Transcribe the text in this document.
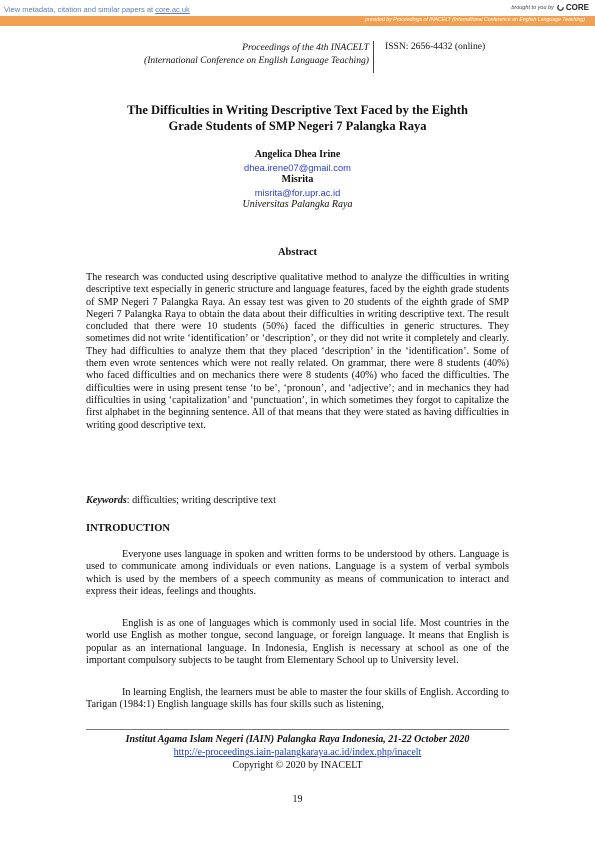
View metadata, citation and similar papers at core.ac.uk	brought to you by CORE
provided by Proceedings of INACELT (International Conference on English Language Teaching)
Proceedings of the 4th INACELT
(International Conference on English Language Teaching)
ISSN: 2656-4432 (online)
The Difficulties in Writing Descriptive Text Faced by the Eighth
Grade Students of SMP Negeri 7 Palangka Raya
Angelica Dhea Irine
dhea.irene07@gmail.com
Misrita
misrita@for.upr.ac.id
Universitas Palangka Raya
Abstract
The research was conducted using descriptive qualitative method to analyze the difficulties in writing descriptive text especially in generic structure and language features, faced by the eighth grade students of SMP Negeri 7 Palangka Raya. An essay test was given to 20 students of the eighth grade of SMP Negeri 7 Palangka Raya to obtain the data about their difficulties in writing descriptive text. The result concluded that there were 10 students (50%) faced the difficulties in generic structures. They sometimes did not write ‘identification’ or ‘description’, or they did not write it completely and clearly. They had difficulties to analyze them that they placed ‘description’ in the ‘identification’. Some of them even wrote sentences which were not really related. On grammar, there were 8 students (40%) who faced difficulties and on mechanics there were 8 students (40%) who faced the difficulties. The difficulties were in using present tense ‘to be’, ‘pronoun’, and ‘adjective’; and in mechanics they had difficulties in using ‘capitalization’ and ‘punctuation’, in which sometimes they forgot to capitalize the first alphabet in the beginning sentence. All of that means that they were stated as having difficulties in writing good descriptive text.
Keywords: difficulties; writing descriptive text
INTRODUCTION
Everyone uses language in spoken and written forms to be understood by others. Language is used to communicate among individuals or even nations. Language is a system of verbal symbols which is used by the members of a speech community as means of communication to interact and express their ideas, feelings and thoughts.
English is as one of languages which is commonly used in social life. Most countries in the world use English as mother tongue, second language, or foreign language. It means that English is popular as an international language. In Indonesia, English is necessary at school as one of the important compulsory subjects to be taught from Elementary School up to University level.
In learning English, the learners must be able to master the four skills of English. According to Tarigan (1984:1) English language skills has four skills such as listening,
Institut Agama Islam Negeri (IAIN) Palangka Raya Indonesia, 21-22 October 2020
http://e-proceedings.iain-palangkaraya.ac.id/index.php/inacelt
Copyright © 2020 by INACELT
19
